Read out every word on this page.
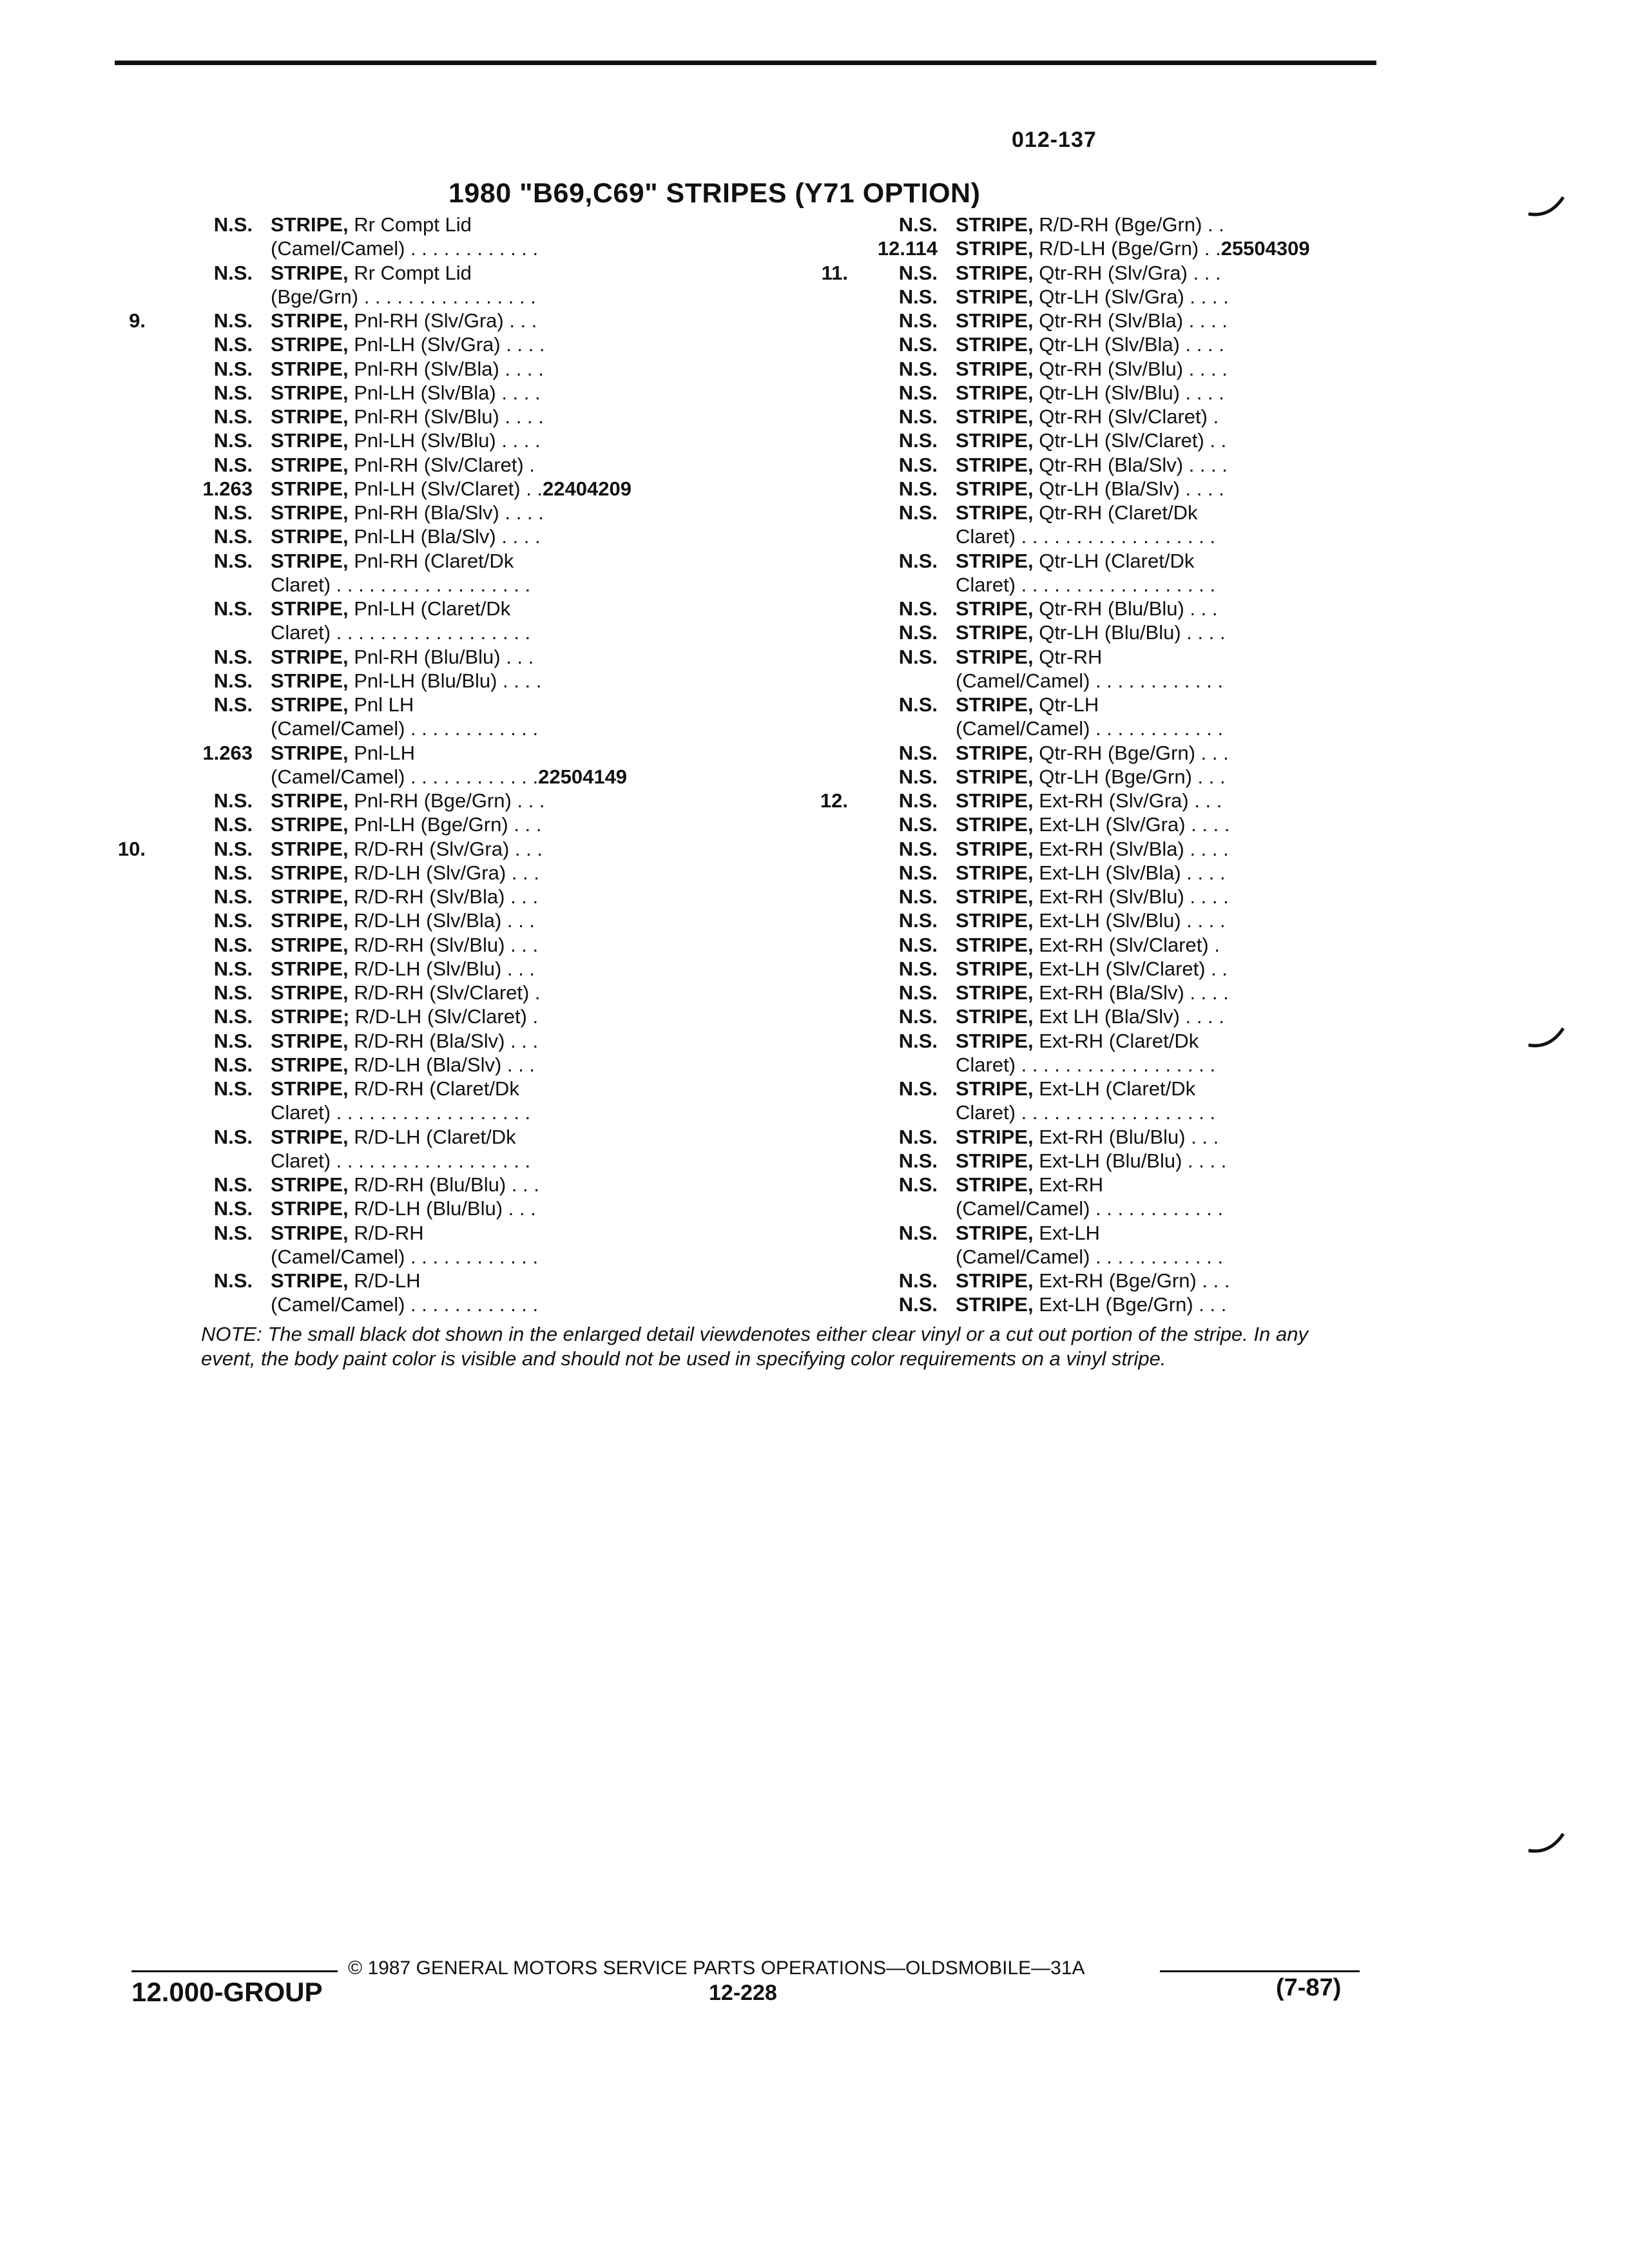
012-137
1980 "B69,C69" STRIPES (Y71 OPTION)
N.S. STRIPE, Rr Compt Lid
(Camel/Camel) . . . . . . . . . . . .
N.S. STRIPE, Rr Compt Lid
(Bge/Grn) . . . . . . . . . . . . . . . .
9.	N.S. STRIPE, Pnl-RH (Slv/Gra) . . .
N.S. STRIPE, Pnl-LH (Slv/Gra) . . . .
N.S. STRIPE, Pnl-RH (Slv/Bla) . . . .
N.S. STRIPE, Pnl-LH (Slv/Bla) . . . .
N.S. STRIPE, Pnl-RH (Slv/Blu) . . . .
N.S. STRIPE, Pnl-LH (Slv/Blu) . . . .
N.S. STRIPE, Pnl-RH (Slv/Claret) .
1.263 STRIPE, Pnl-LH (Slv/Claret) . .22404209
N.S. STRIPE, Pnl-RH (Bla/Slv) . . . .
N.S. STRIPE, Pnl-LH (Bla/Slv) . . . .
N.S. STRIPE, Pnl-RH (Claret/Dk
Claret) . . . . . . . . . . . . . . . . . .
N.S. STRIPE, Pnl-LH (Claret/Dk
Claret) . . . . . . . . . . . . . . . . . .
N.S. STRIPE, Pnl-RH (Blu/Blu) . . .
N.S. STRIPE, Pnl-LH (Blu/Blu) . . . .
N.S. STRIPE, Pnl LH
(Camel/Camel) . . . . . . . . . . . .
1.263 STRIPE, Pnl-LH
(Camel/Camel) . . . . . . . . . . . .22504149
N.S. STRIPE, Pnl-RH (Bge/Grn) . . .
N.S. STRIPE, Pnl-LH (Bge/Grn) . . .
10.	N.S. STRIPE, R/D-RH (Slv/Gra) . . .
N.S. STRIPE, R/D-LH (Slv/Gra) . . .
N.S. STRIPE, R/D-RH (Slv/Bla) . . .
N.S. STRIPE, R/D-LH (Slv/Bla) . . .
N.S. STRIPE, R/D-RH (Slv/Blu) . . .
N.S. STRIPE, R/D-LH (Slv/Blu) . . .
N.S. STRIPE, R/D-RH (Slv/Claret) .
N.S. STRIPE; R/D-LH (Slv/Claret) .
N.S. STRIPE, R/D-RH (Bla/Slv) . . .
N.S. STRIPE, R/D-LH (Bla/Slv) . . .
N.S. STRIPE, R/D-RH (Claret/Dk
Claret) . . . . . . . . . . . . . . . . . .
N.S. STRIPE, R/D-LH (Claret/Dk
Claret) . . . . . . . . . . . . . . . . . .
N.S. STRIPE, R/D-RH (Blu/Blu) . . .
N.S. STRIPE, R/D-LH (Blu/Blu) . . .
N.S. STRIPE, R/D-RH
(Camel/Camel) . . . . . . . . . . . .
N.S. STRIPE, R/D-LH
(Camel/Camel) . . . . . . . . . . . .
N.S. STRIPE, R/D-RH (Bge/Grn) . .
12.114 STRIPE, R/D-LH (Bge/Grn) . .25504309
11.	N.S. STRIPE, Qtr-RH (Slv/Gra) . . .
N.S. STRIPE, Qtr-LH (Slv/Gra) . . . .
N.S. STRIPE, Qtr-RH (Slv/Bla) . . . .
N.S. STRIPE, Qtr-LH (Slv/Bla) . . . .
N.S. STRIPE, Qtr-RH (Slv/Blu) . . . .
N.S. STRIPE, Qtr-LH (Slv/Blu) . . . .
N.S. STRIPE, Qtr-RH (Slv/Claret) .
N.S. STRIPE, Qtr-LH (Slv/Claret) . .
N.S. STRIPE, Qtr-RH (Bla/Slv) . . . .
N.S. STRIPE, Qtr-LH (Bla/Slv) . . . .
N.S. STRIPE, Qtr-RH (Claret/Dk
Claret) . . . . . . . . . . . . . . . . . .
N.S. STRIPE, Qtr-LH (Claret/Dk
Claret) . . . . . . . . . . . . . . . . . .
N.S. STRIPE, Qtr-RH (Blu/Blu) . . .
N.S. STRIPE, Qtr-LH (Blu/Blu) . . . .
N.S. STRIPE, Qtr-RH
(Camel/Camel) . . . . . . . . . . . .
N.S. STRIPE, Qtr-LH
(Camel/Camel) . . . . . . . . . . . .
N.S. STRIPE, Qtr-RH (Bge/Grn) . . .
N.S. STRIPE, Qtr-LH (Bge/Grn) . . .
12.	N.S. STRIPE, Ext-RH (Slv/Gra) . . .
N.S. STRIPE, Ext-LH (Slv/Gra) . . . .
N.S. STRIPE, Ext-RH (Slv/Bla) . . . .
N.S. STRIPE, Ext-LH (Slv/Bla) . . . .
N.S. STRIPE, Ext-RH (Slv/Blu) . . . .
N.S. STRIPE, Ext-LH (Slv/Blu) . . . .
N.S. STRIPE, Ext-RH (Slv/Claret) .
N.S. STRIPE, Ext-LH (Slv/Claret) . .
N.S. STRIPE, Ext-RH (Bla/Slv) . . . .
N.S. STRIPE, Ext LH (Bla/Slv) . . . .
N.S. STRIPE, Ext-RH (Claret/Dk
Claret) . . . . . . . . . . . . . . . . . .
N.S. STRIPE, Ext-LH (Claret/Dk
Claret) . . . . . . . . . . . . . . . . . .
N.S. STRIPE, Ext-RH (Blu/Blu) . . .
N.S. STRIPE, Ext-LH (Blu/Blu) . . . .
N.S. STRIPE, Ext-RH
(Camel/Camel) . . . . . . . . . . . .
N.S. STRIPE, Ext-LH
(Camel/Camel) . . . . . . . . . . . .
N.S. STRIPE, Ext-RH (Bge/Grn) . . .
N.S. STRIPE, Ext-LH (Bge/Grn) . . .
NOTE: The small black dot shown in the enlarged detail viewdenotes either clear vinyl or a cut out portion of the stripe. In any event, the body paint color is visible and should not be used in specifying color requirements on a vinyl stripe.
© 1987 GENERAL MOTORS SERVICE PARTS OPERATIONS—OLDSMOBILE—31A
12.000-GROUP	12-228	(7-87)
